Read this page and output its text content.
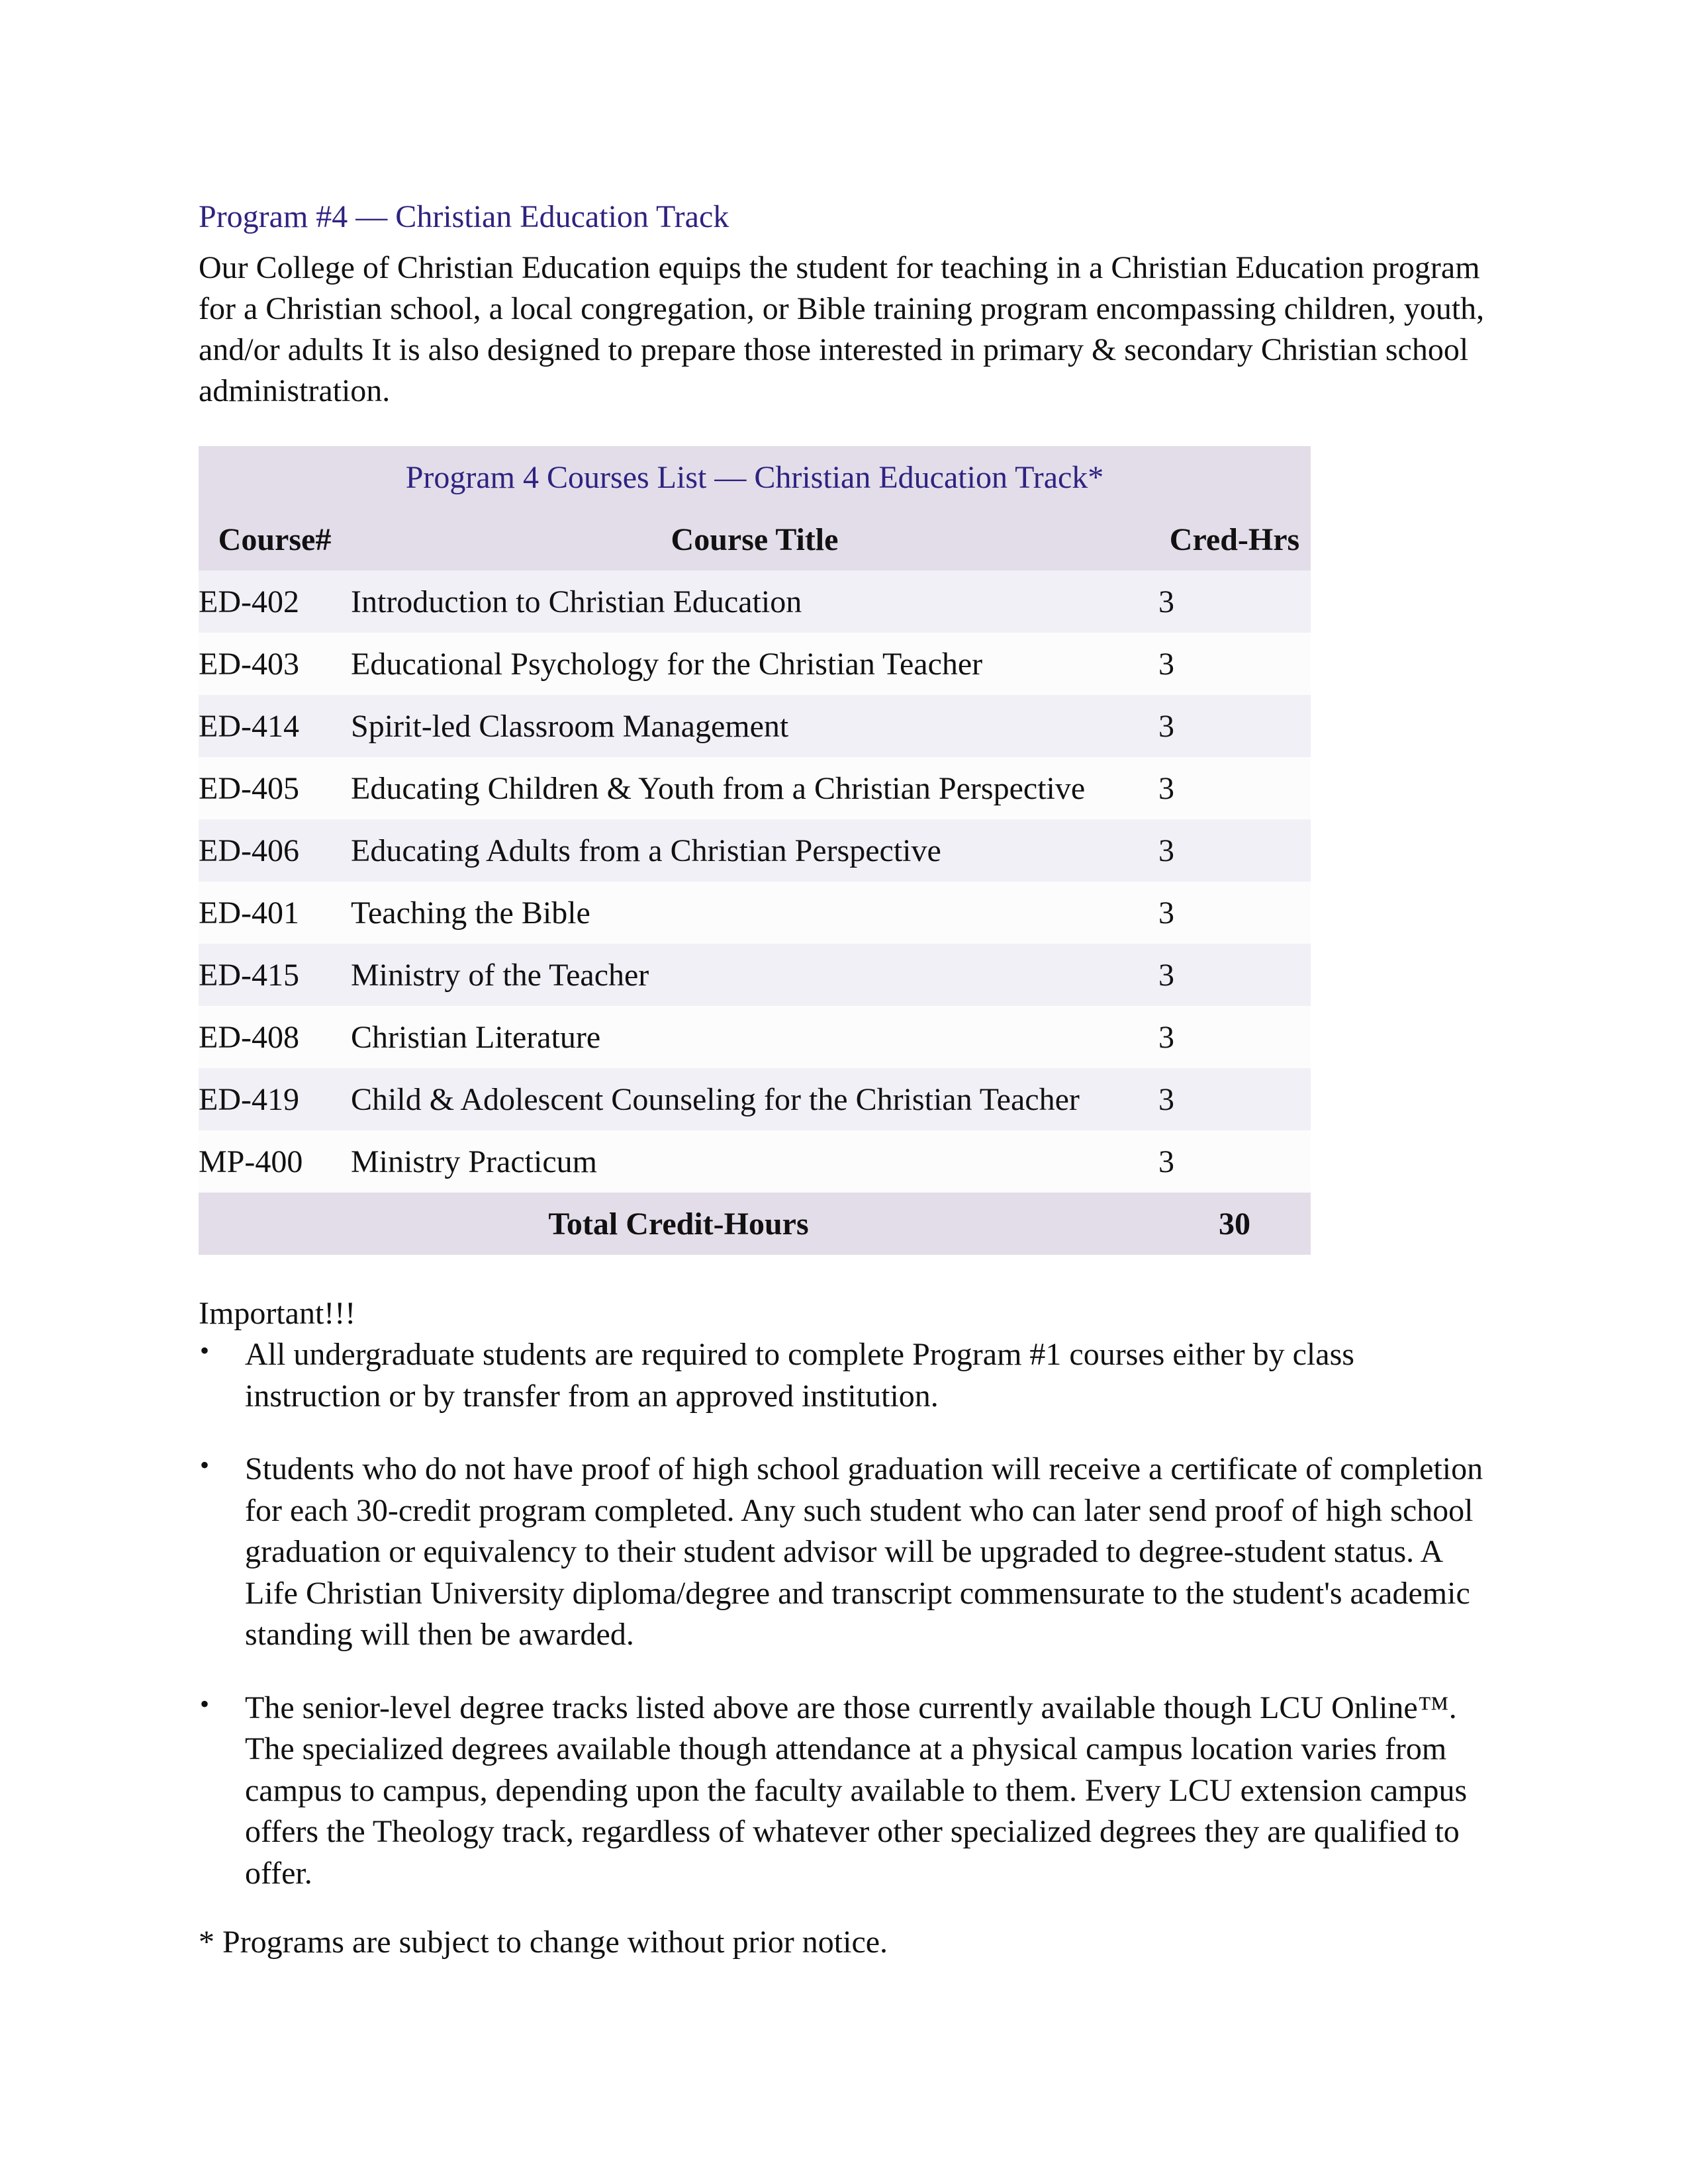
Program #4 — Christian Education Track

Our College of Christian Education equips the student for teaching in a Christian Education program for a Christian school, a local congregation, or Bible training program encompassing children, youth, and/or adults It is also designed to prepare those interested in primary & secondary Christian school administration.

Program 4 Courses List — Christian Education Track*		
Course#	Course Title	Cred-Hrs
ED-402	Introduction to Christian Education	3
ED-403	Educational Psychology for the Christian Teacher	3
ED-414	Spirit-led Classroom Management	3
ED-405	Educating Children & Youth from a Christian Perspective	3
ED-406	Educating Adults from a Christian Perspective	3
ED-401	Teaching the Bible	3
ED-415	Ministry of the Teacher	3
ED-408	Christian Literature	3
ED-419	Child & Adolescent Counseling for the Christian Teacher	3
MP-400	Ministry Practicum	3
Total Credit-Hours		30
Important!!!
• All undergraduate students are required to complete Program #1 courses either by class instruction or by transfer from an approved institution.
• Students who do not have proof of high school graduation will receive a certificate of completion for each 30-credit program completed. Any such student who can later send proof of high school graduation or equivalency to their student advisor will be upgraded to degree-student status. A Life Christian University diploma/degree and transcript commensurate to the student's academic standing will then be awarded.
• The senior-level degree tracks listed above are those currently available though LCU Online™. The specialized degrees available though attendance at a physical campus location varies from campus to campus, depending upon the faculty available to them. Every LCU extension campus offers the Theology track, regardless of whatever other specialized degrees they are qualified to offer.
* Programs are subject to change without prior notice.
